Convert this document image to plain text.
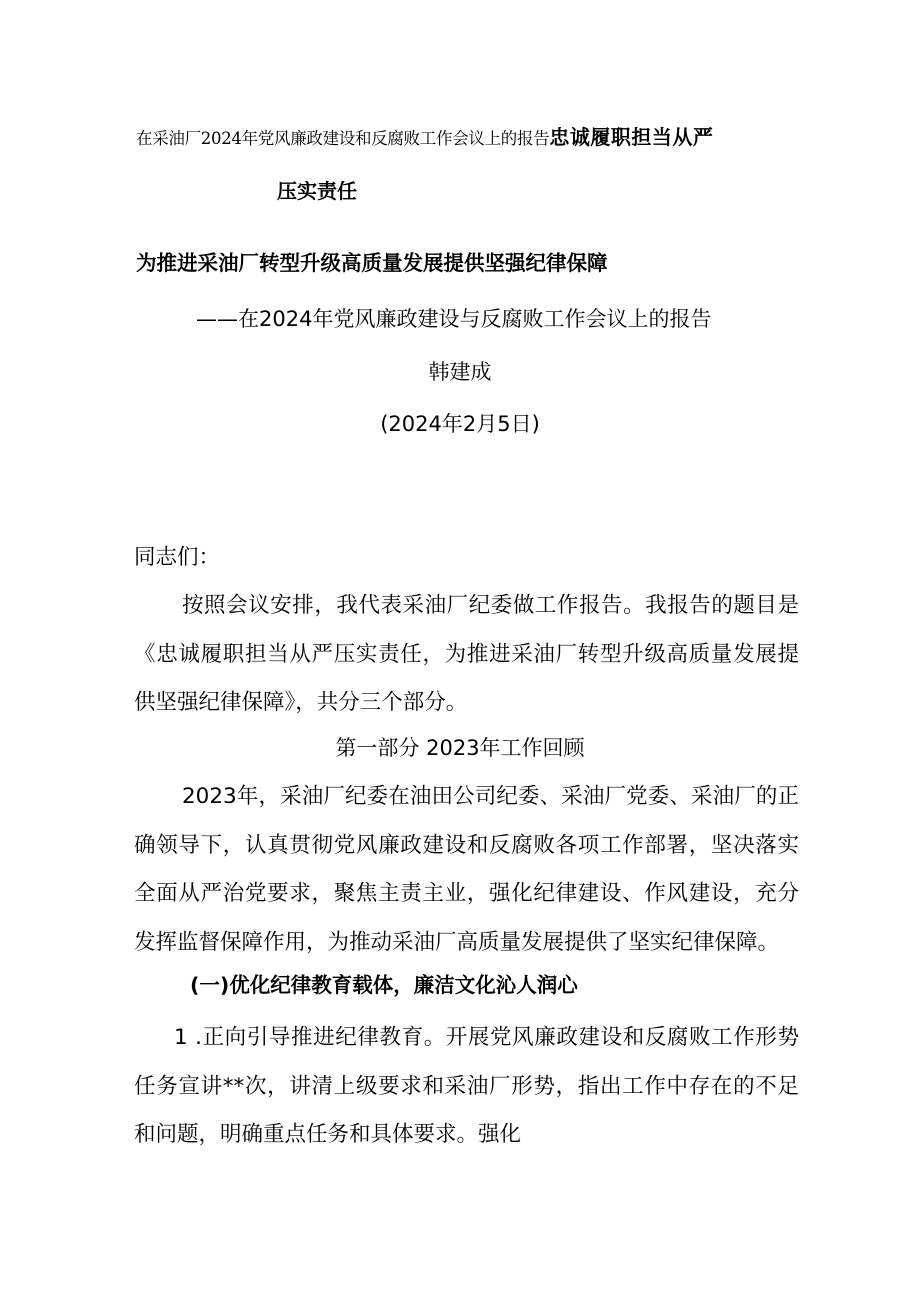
在采油厂2024年党风廉政建设和反腐败工作会议上的报告忠诚履职担当从严
压实责任
为推进采油厂转型升级高质量发展提供坚强纪律保障
——在2024年党风廉政建设与反腐败工作会议上的报告
韩建成
(2024年2月5日)
同志们：
按照会议安排，我代表采油厂纪委做工作报告。我报告的题目是《忠诚履职担当从严压实责任，为推进采油厂转型升级高质量发展提供坚强纪律保障》，共分三个部分。
第一部分 2023年工作回顾
2023年，采油厂纪委在油田公司纪委、采油厂党委、采油厂的正确领导下，认真贯彻党风廉政建设和反腐败各项工作部署，坚决落实全面从严治党要求，聚焦主责主业，强化纪律建设、作风建设，充分发挥监督保障作用，为推动采油厂高质量发展提供了坚实纪律保障。
(一)优化纪律教育载体，廉洁文化沁人润心
1 .正向引导推进纪律教育。开展党风廉政建设和反腐败工作形势任务宣讲**次，讲清上级要求和采油厂形势，指出工作中存在的不足和问题，明确重点任务和具体要求。强化
